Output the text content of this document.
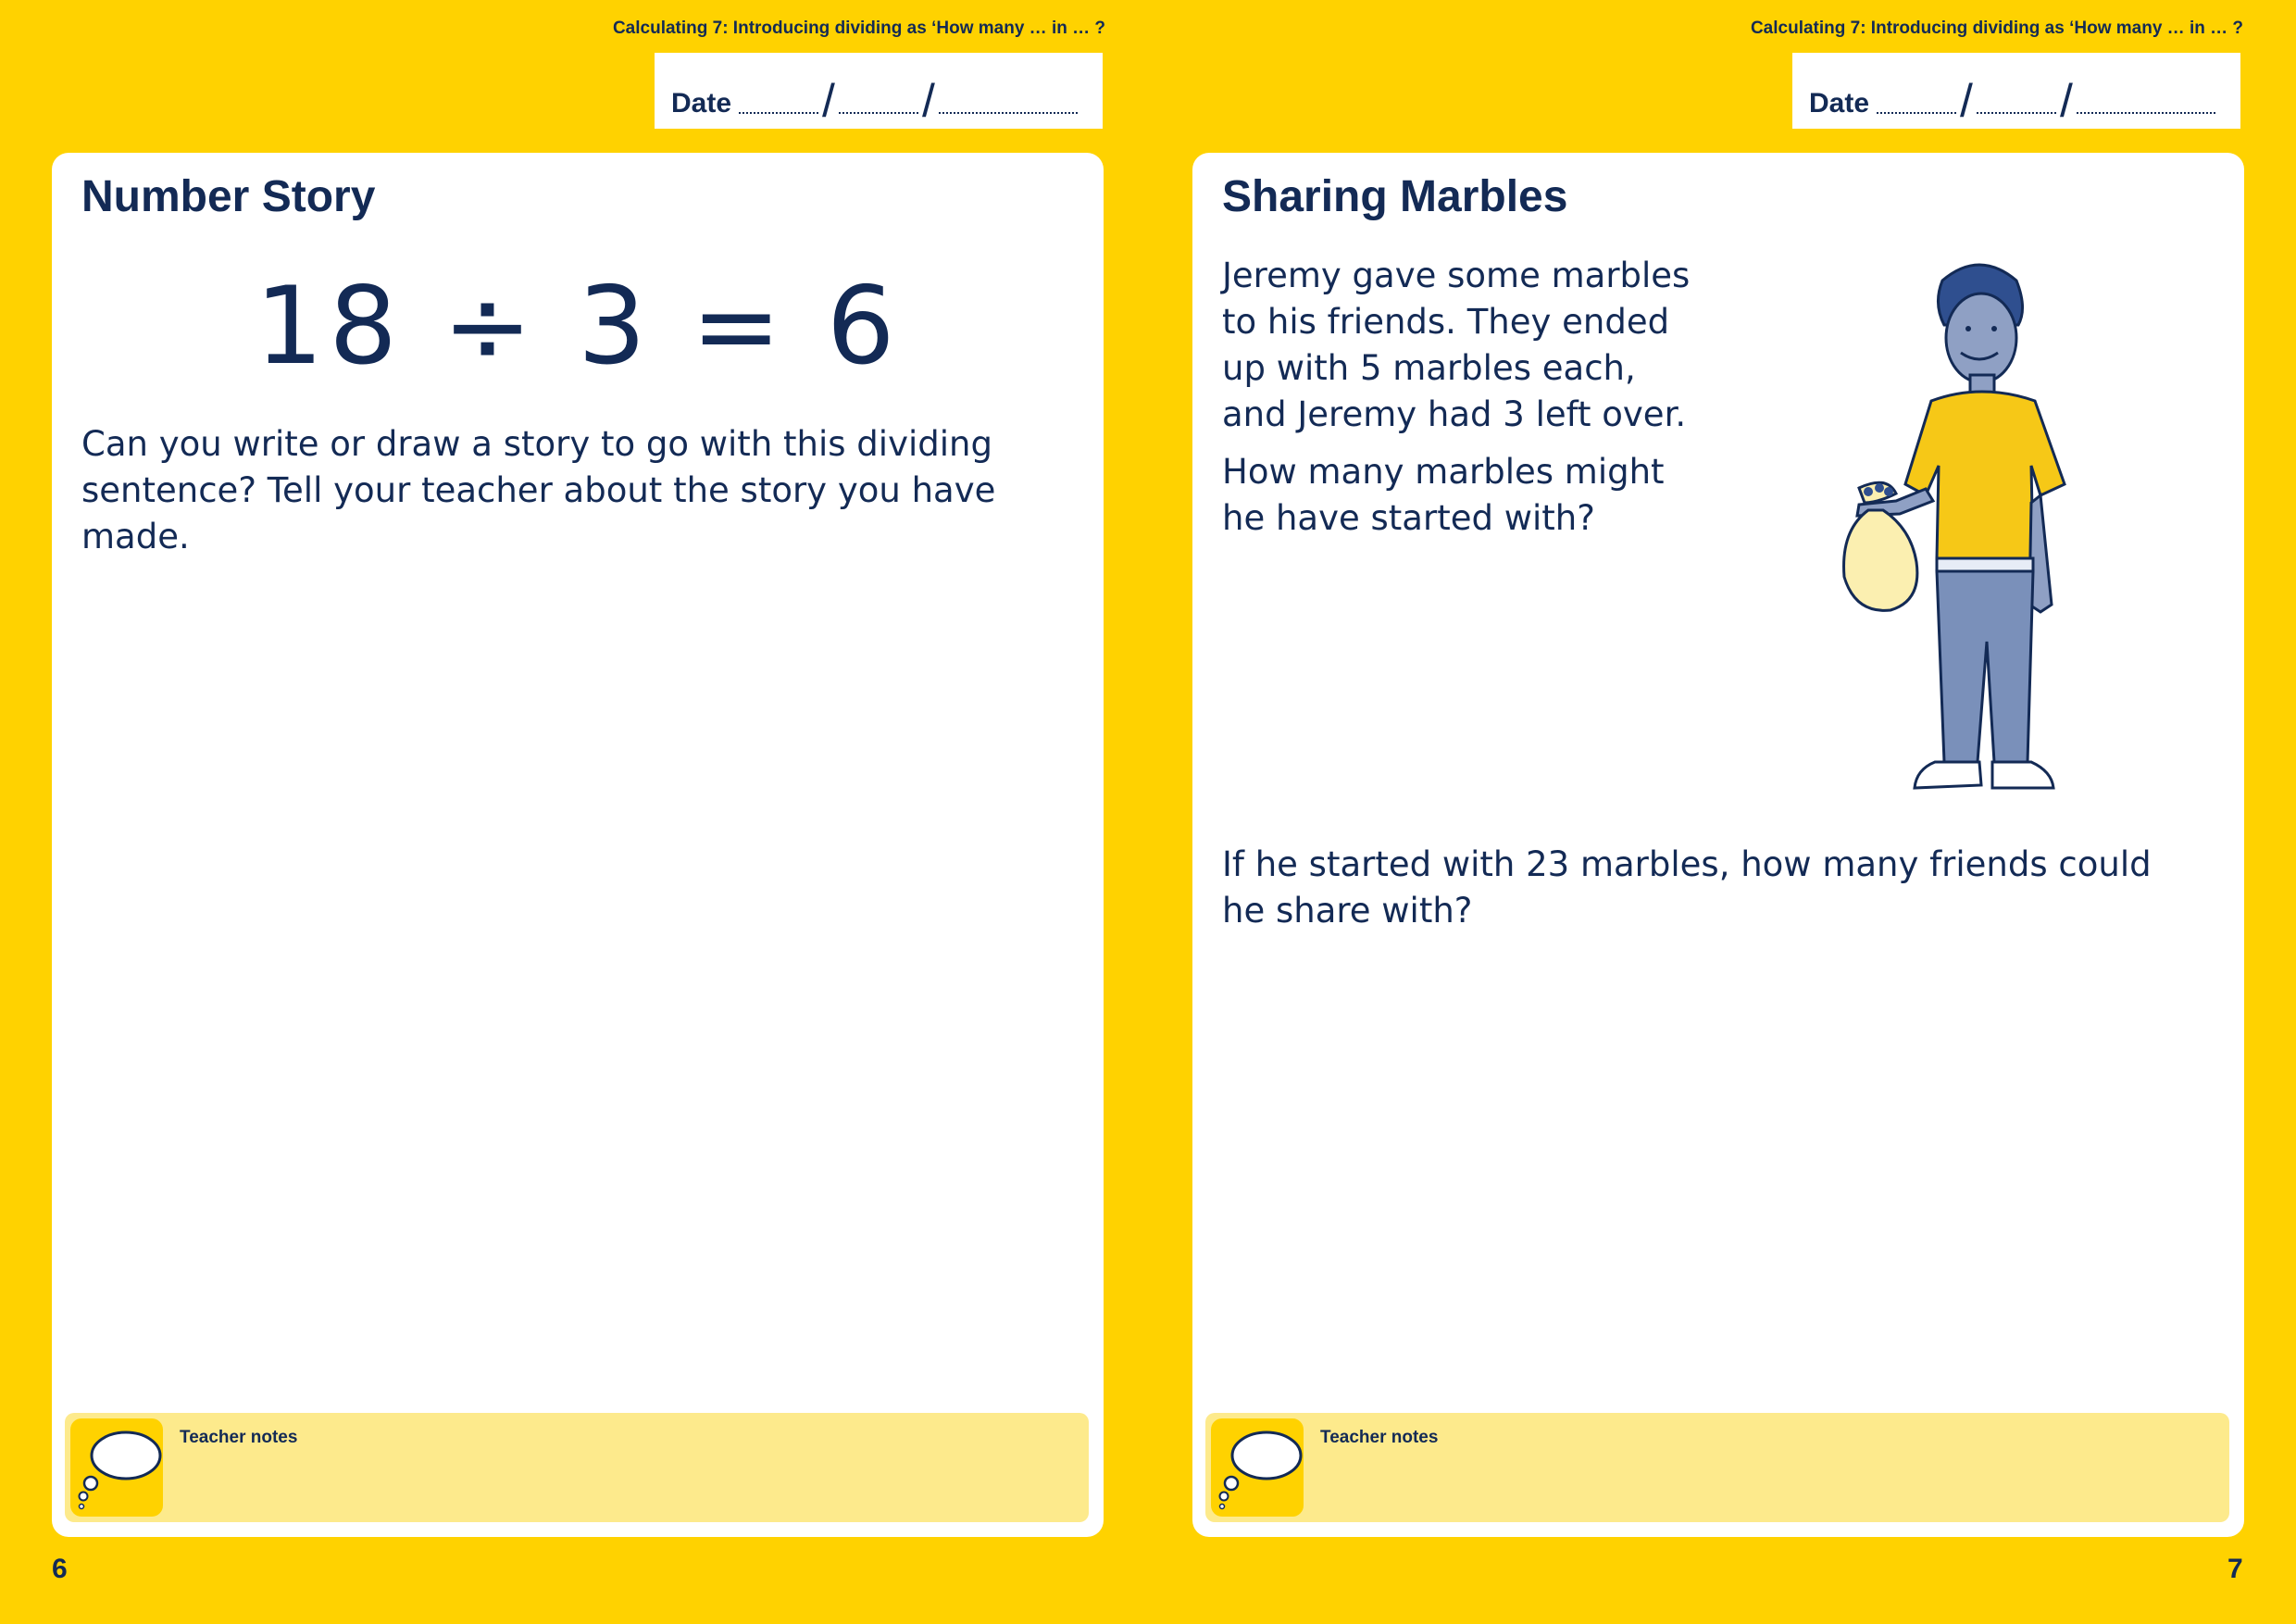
Calculating 7: Introducing dividing as ‘How many … in … ?
Date / /
Number Story
18 ÷ 3 = 6
Can you write or draw a story to go with this dividing sentence? Tell your teacher about the story you have made.
Teacher notes
6
Calculating 7: Introducing dividing as ‘How many … in … ?
Date / /
Sharing Marbles
Jeremy gave some marbles
to his friends. They ended
up with 5 marbles each,
and Jeremy had 3 left over.
How many marbles might
he have started with?
If he started with 23 marbles, how many friends could he share with?
Teacher notes
7
